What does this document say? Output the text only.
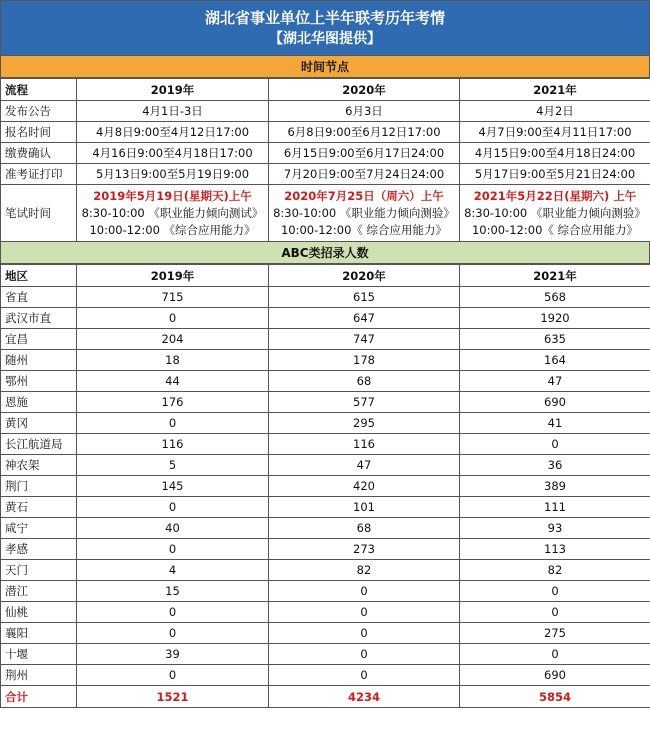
湖北省事业单位上半年联考历年考情
【湖北华图提供】
时间节点
流程	2019年	2020年	2021年
发布公告	4月1日-3日	6月3日	4月2日
报名时间	4月8日9:00至4月12日17:00	6月8日9:00至6月12日17:00	4月7日9:00至4月11日17:00
缴费确认	4月16日9:00至4月18日17:00	6月15日9:00至6月17日24:00	4月15日9:00至4月18日24:00
准考证打印	5月13日9:00至5月19日9:00	7月20日9:00至7月24日24:00	5月17日9:00至5月21日24:00
笔试时间	2019年5月19日(星期天)上午
8:30-10:00 《职业能力倾向测试》
10:00-12:00 《综合应用能力》	2020年7月25日（周六）上午
8:30-10:00 《职业能力倾向测验》
10:00-12:00《 综合应用能力》	2021年5月22日(星期六) 上午
8:30-10:00 《职业能力倾向测验》
10:00-12:00《 综合应用能力》
ABC类招录人数
地区	2019年	2020年	2021年
省直	715	615	568
武汉市直	0	647	1920
宜昌	204	747	635
随州	18	178	164
鄂州	44	68	47
恩施	176	577	690
黄冈	0	295	41
长江航道局	116	116	0
神农架	5	47	36
荆门	145	420	389
黄石	0	101	111
咸宁	40	68	93
孝感	0	273	113
天门	4	82	82
潜江	15	0	0
仙桃	0	0	0
襄阳	0	0	275
十堰	39	0	0
荆州	0	0	690
合计	1521	4234	5854
